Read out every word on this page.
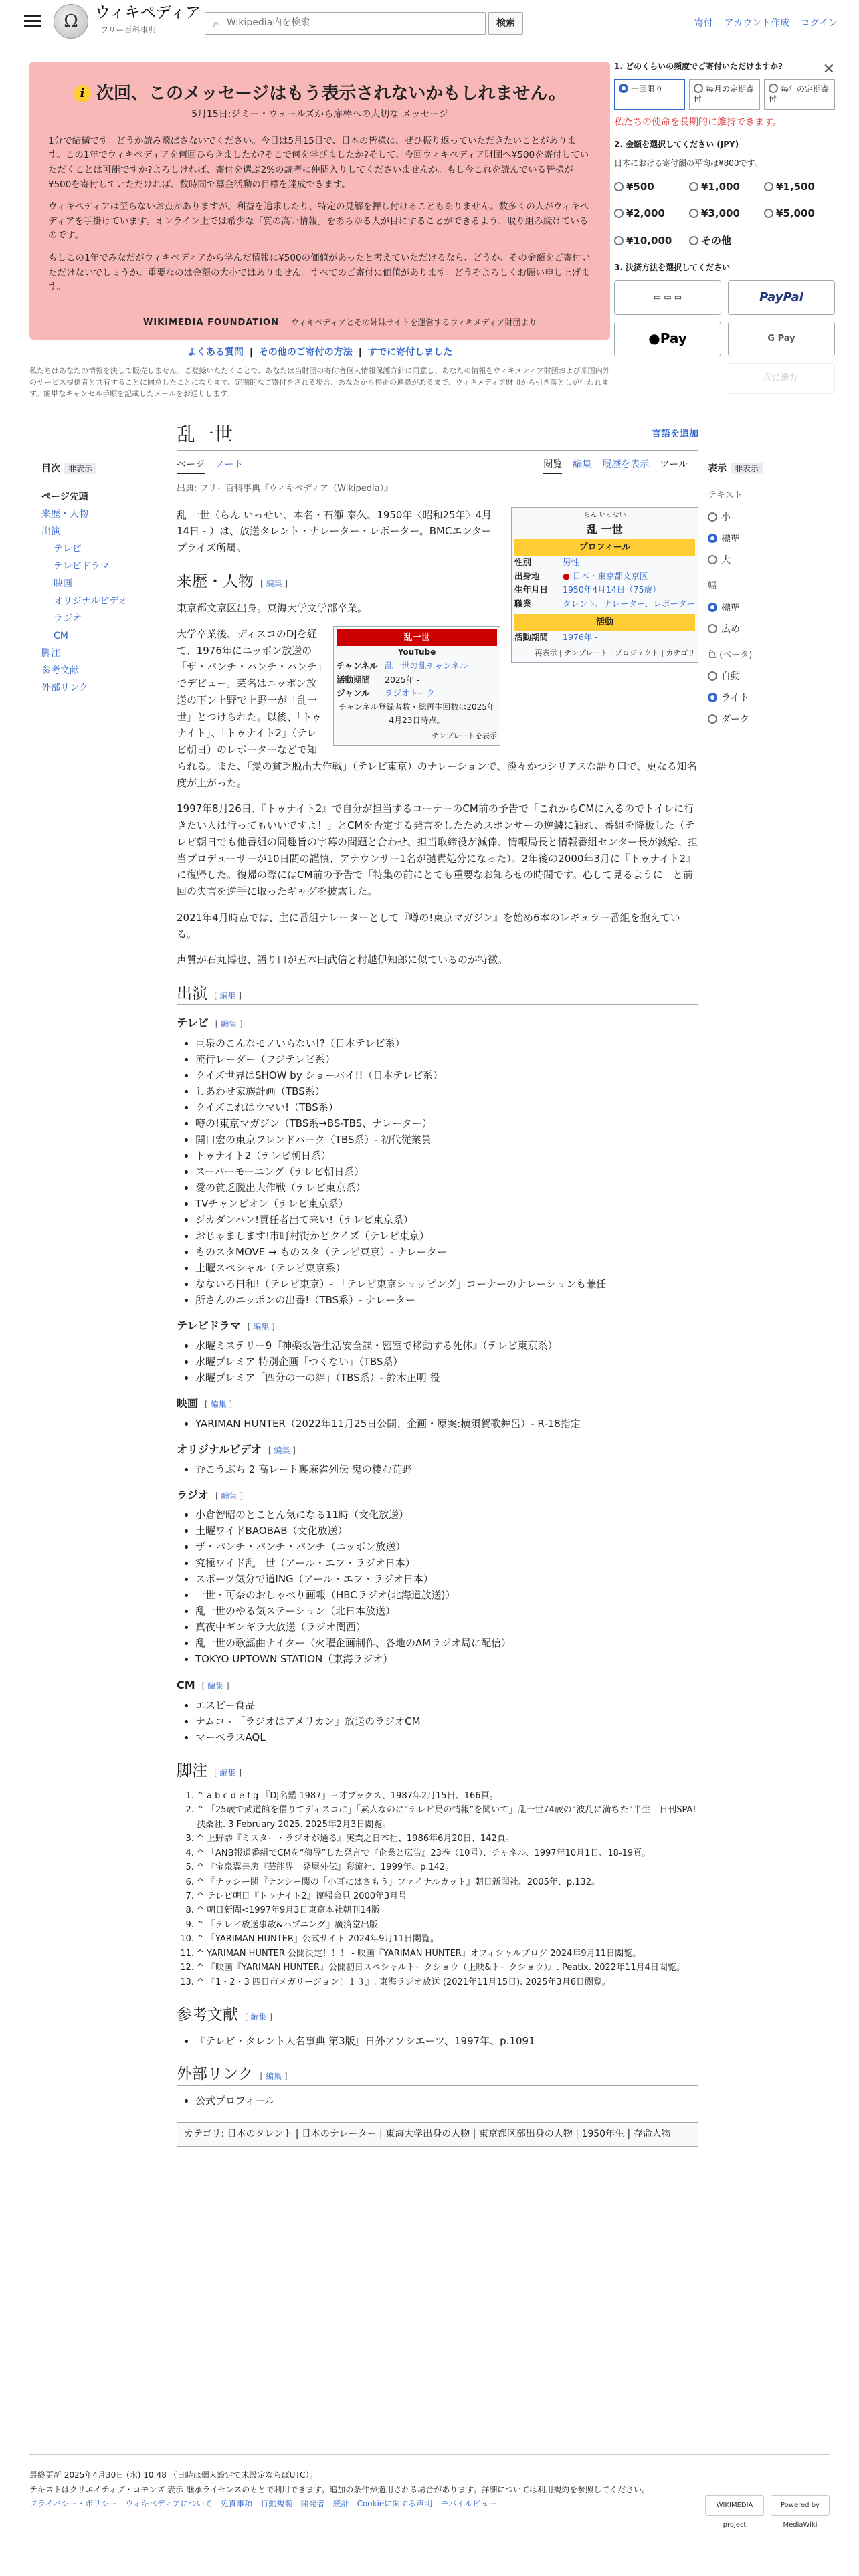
Ω	ウィキペディア
フリー百科事典
⌕ Wikipedia内を検索	検索	寄付 アカウント作成 ログイン
i 次回、このメッセージはもう表示されないかもしれません。
5月15日:ジミー・ウェールズから扉棒への大切な メッセージ

1分で結構です。どうか読み飛ばさないでください。今日は5月15日で、日本の皆様に、ぜひ振り返っていただきたいことがあります。この1年でウィキペディアを何回ひらきましたか?そこで何を学びましたか?そして、今回ウィキペディア財団へ¥500を寄付していただくことは可能ですか?よろしければ、寄付を選ぶ2%の読者に仲間入りしてくださいませんか。もし今これを読んでいる皆様が¥500を寄付していただければ、数時間で募金活動の目標を達成できます。

ウィキペディアは至らないお点がありますが、利益を追求したり、特定の見解を押し付けることもありません。数多くの人がウィキペディアを手掛けています。オンライン上では希少な「質の高い情報」をあらゆる人が目にすることができるよう、取り組み続けているのです。

もしこの1年でみなだがウィキペディアから学んだ情報に¥500の価値があったと考えていただけるなら、どうか、その金額をご寄付いただけないでしょうか。重要なのは金額の大小ではありません。すべてのご寄付に価値があります。どうぞよろしくお願い申し上げます。

WIKIMEDIA FOUNDATION ウィキペディアとその姉妹サイトを運営するウィキメディア財団より
よくある質問 | その他のご寄付の方法 | すでに寄付しました
私たちはあなたの情報を決して販売しません。ご登録いただくことで、あなたは当財団の寄付者個人情報保護方針に同意し、あなたの情報をウィキメディア財団および米国内外のサービス提供者と共有することに同意したことになります。定期的なご寄付をされる場合、あなたから停止の連絡があるまで、ウィキメディア財団から引き落としが行われます。簡単なキャンセル手順を記載したメールをお送りします。
✕
1. どのくらいの頻度でご寄付いただけますか?
一回限り	毎月の定期寄付
毎年の定期寄付
私たちの使命を長期的に維持できます。
2. 金額を選択してください (JPY)
日本における寄付額の平均は¥800です。
¥500	¥1,000	¥1,500
¥2,000	¥3,000	¥5,000
¥10,000	その他
3. 決済方法を選択してください
▭ ▭ ▭	PayPal
● Pay	G Pay
次に進む
目次 非表示
ページ先頭
来歴・人物
出演
テレビ
テレビドラマ
映画
オリジナルビデオ
ラジオ
CM
脚注
参考文献
外部リンク
表示 非表示
テキスト
小
標準
大
幅
標準
広め
色 (ベータ)
自動
ライト
ダーク
乱一世	言語を追加
ページ ノート	閲覧 編集 履歴を表示 ツール
出典: フリー百科事典『ウィキペディア（Wikipedia）』
らん いっせい
乱 一世
プロフィール
性別	男性
出身地	● 日本・東京都文京区
生年月日	1950年4月14日（75歳）
職業	タレント、ナレーター、レポーター
活動
活動期間	1976年 -
再表示 | テンプレート | プロジェクト | カテゴリ

乱 一世（らん いっせい、本名・石瀬 泰久、1950年〈昭和25年〉4月14日 - ）は、放送タレント・ナレーター・レポーター。BMCエンタープライズ所属。

来歴・人物 [ 編集 ]

東京都文京区出身。東海大学文学部卒業。

乱一世
YouTube
チャンネル	乱一世の乱チャンネル
活動期間	2025年 -
ジャンル	ラジオトーク
チャンネル登録者数・総再生回数は2025年4月23日時点。
テンプレートを表示

大学卒業後、ディスコのDJを経て、1976年にニッポン放送の「ザ・パンチ・パンチ・パンチ」でデビュー。芸名はニッポン放送の下ン上野で上野一が「乱一世」とつけられた。以後、「トゥナイト」、「トゥナイト2」（テレビ朝日）のレポーターなどで知られる。また、「愛の貧乏脱出大作戦」（テレビ東京）のナレーションで、淡々かつシリアスな語り口で、更なる知名度が上がった。

1997年8月26日、『トゥナイト2』で自分が担当するコーナーのCM前の予告で「これからCMに入るのでトイレに行きたい人は行ってもいいですよ！」とCMを否定する発言をしたためスポンサーの逆鱗に触れ、番組を降板した（テレビ朝日でも他番組の同趣旨の字幕の問題と合わせ、担当取締役が減俸、情報局長と情報番組センター長が減給、担当プロデューサーが10日間の謹慎、アナウンサー1名が譴責処分になった）。2年後の2000年3月に『トゥナイト2』に復帰した。復帰の際にはCM前の予告で「特集の前にとても重要なお知らせの時間です。心して見るように」と前回の失言を逆手に取ったギャグを披露した。

2021年4月時点では、主に番組ナレーターとして『噂の!東京マガジン』を始め6本のレギュラー番組を抱えている。

声質が石丸博也、語り口が五木田武信と村越伊知郎に似ているのが特徴。

出演 [ 編集 ]
テレビ [ 編集 ]
• 巨泉のこんなモノいらない!?（日本テレビ系）
• 流行レーダー（フジテレビ系）
• クイズ世界はSHOW by ショーバイ!!（日本テレビ系）
• しあわせ家族計画（TBS系）
• クイズこれはウマい!（TBS系）
• 噂の!東京マガジン（TBS系→BS-TBS、ナレーター）
• 開口宏の東京フレンドパーク（TBS系）- 初代従業員
• トゥナイト2（テレビ朝日系）
• スーパーモーニング（テレビ朝日系）
• 愛の貧乏脱出大作戦（テレビ東京系）
• TVチャンピオン（テレビ東京系）
• ジカダンパン!責任者出て来い!（テレビ東京系）
• おじゃまします!市町村街かどクイズ（テレビ東京）
• ものスタMOVE → ものスタ（テレビ東京）- ナレーター
• 土曜スペシャル（テレビ東京系）
• なないろ日和!（テレビ東京）- 「テレビ東京ショッピング」コーナーのナレーションも兼任
• 所さんのニッポンの出番!（TBS系）- ナレーター
テレビドラマ [ 編集 ]
• 水曜ミステリー9『神楽坂署生活安全課・密室で移動する死体』（テレビ東京系）
• 水曜プレミア 特別企画「つくない」（TBS系）
• 水曜プレミア「四分の一の絆」（TBS系）- 鈴木正明 役
映画 [ 編集 ]
• YARIMAN HUNTER（2022年11月25日公開、企画・原案:横須賀歌舞呂）- R-18指定
オリジナルビデオ [ 編集 ]
• むこうぶち 2 高レート裏麻雀列伝 鬼の棲む荒野
ラジオ [ 編集 ]
• 小倉智昭のとことん気になる11時（文化放送）
• 土曜ワイドBAOBAB（文化放送）
• ザ・パンチ・パンチ・パンチ（ニッポン放送）
• 究極ワイド乱一世（アール・エフ・ラジオ日本）
• スポーツ気分で道ING（アール・エフ・ラジオ日本）
• 一世・可奈のおしゃべり画報（HBCラジオ(北海道放送)）
• 乱一世のやる気ステーション（北日本放送）
• 真夜中ギンギラ大放送（ラジオ関西）
• 乱一世の歌謡曲ナイター（火曜企画制作、各地のAMラジオ局に配信）
• TOKYO UPTOWN STATION（東海ラジオ）
CM [ 編集 ]
• エスビー食品
• ナムコ - 「ラジオはアメリカン」放送のラジオCM
• マーベラスAQL
脚注 [ 編集 ]
1. ^ a b c d e f g 『DJ名鑑 1987』三才ブックス、1987年2月15日、166頁。
2. ^ 「25歳で武道館を借りてディスコに」「素人なのに“テレビ局の情報”を聞いて」乱一世74歳の“波乱に満ちた”半生 - 日刊SPA! 扶桑社. 3 February 2025. 2025年2月3日閲覧。
3. ^ 上野恭『ミスター・ラジオが通る』実業之日本社、1986年6月20日、142頁。
4. ^ 「ANB報道番組でCMを“侮辱”した発言で『企業と広告』23巻（10号）、チャネル、1997年10月1日、18-19頁。
5. ^ 『宝泉翼書房『芸能界一発屋外伝』彩流社、1999年、p.142。
6. ^ 『ナッシー関『ナンシー関の「小耳にはさもう」ファイナルカット』朝日新聞社、2005年、p.132。
7. ^ テレビ朝日『トゥナイト2』復帰会見 2000年3月号
8. ^ 朝日新聞<1997年9月3日東京本社朝刊14版
9. ^ 『テレビ放送事故&ハプニング』廣済堂出版
10. ^ 『YARIMAN HUNTER』公式サイト 2024年9月11日閲覧。
11. ^ YARIMAN HUNTER 公開決定！！！ - 映画『YARIMAN HUNTER』オフィシャルブログ 2024年9月11日閲覧。
12. ^ 『映画『YARIMAN HUNTER』公開初日スペシャルトークショウ（上映&トークショウ）』. Peatix. 2022年11月4日閲覧。
13. ^ 『1・2・3 四日市メガリージョン！１３』. 東海ラジオ放送 (2021年11月15日). 2025年3月6日閲覧。
参考文献 [ 編集 ]
• 『テレビ・タレント人名事典 第3版』日外アソシエーツ、1997年、p.1091
外部リンク [ 編集 ]
• 公式プロフィール
カテゴリ: 日本のタレント | 日本のナレーター | 東海大学出身の人物 | 東京都区部出身の人物 | 1950年生 | 存命人物
最終更新 2025年4月30日 (水) 10:48 （日時は個人設定で未設定ならばUTC）。
テキストはクリエイティブ・コモンズ 表示-継承ライセンスのもとで利用できます。追加の条件が適用される場合があります。詳細については利用規約を参照してください。
プライバシー・ポリシー ウィキペディアについて 免責事項 行動規範 開発者 統計 Cookieに関する声明 モバイルビュー	WIKIMEDIA project
Powered by MediaWiki
